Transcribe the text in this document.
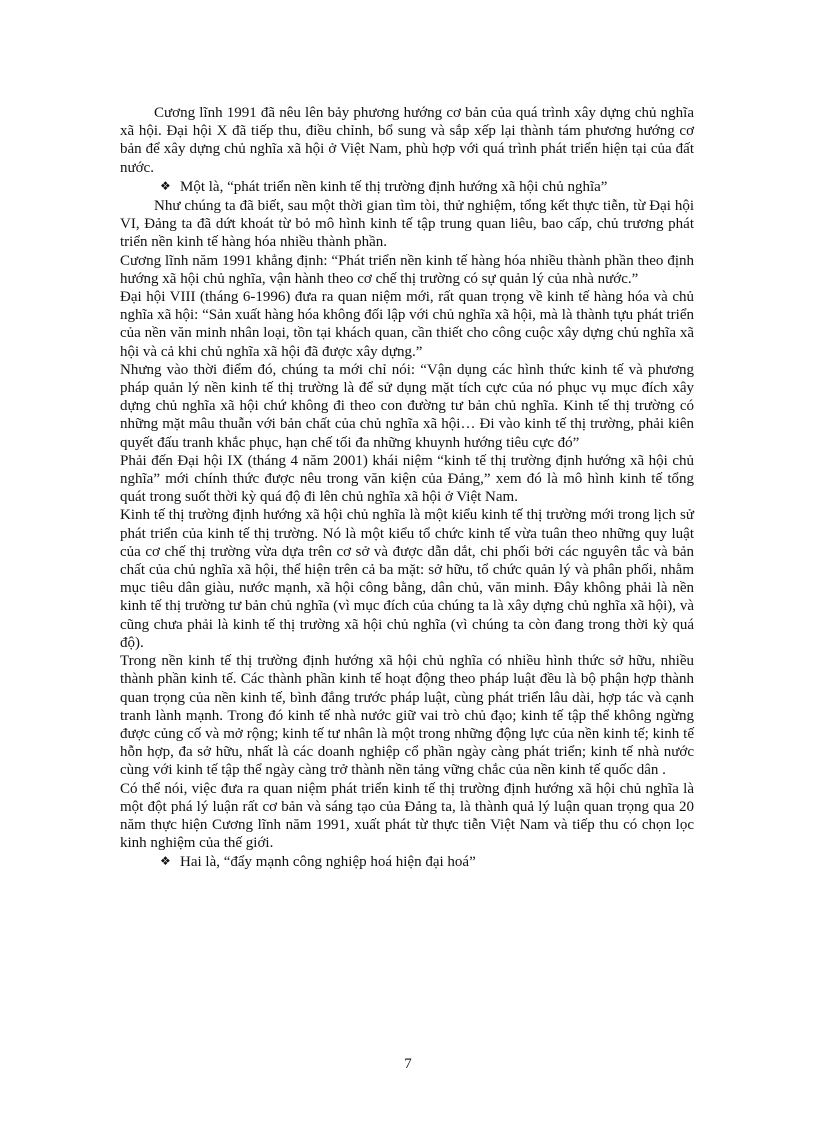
Cương lĩnh 1991 đã nêu lên bảy phương hướng cơ bản của quá trình xây dựng chủ nghĩa xã hội. Đại hội X đã tiếp thu, điều chỉnh, bổ sung và sắp xếp lại thành tám phương hướng cơ bản để xây dựng chủ nghĩa xã hội ở Việt Nam, phù hợp với quá trình phát triển hiện tại của đất nước.

❖ Một là, “phát triển nền kinh tế thị trường định hướng xã hội chủ nghĩa”

Như chúng ta đã biết, sau một thời gian tìm tòi, thử nghiệm, tổng kết thực tiễn, từ Đại hội VI, Đảng ta đã dứt khoát từ bỏ mô hình kinh tế tập trung quan liêu, bao cấp, chủ trương phát triển nền kinh tế hàng hóa nhiều thành phần.

Cương lĩnh năm 1991 khẳng định: “Phát triển nền kinh tế hàng hóa nhiều thành phần theo định hướng xã hội chủ nghĩa, vận hành theo cơ chế thị trường có sự quản lý của nhà nước.”

Đại hội VIII (tháng 6-1996) đưa ra quan niệm mới, rất quan trọng về kinh tế hàng hóa và chủ nghĩa xã hội: “Sản xuất hàng hóa không đối lập với chủ nghĩa xã hội, mà là thành tựu phát triển của nền văn minh nhân loại, tồn tại khách quan, cần thiết cho công cuộc xây dựng chủ nghĩa xã hội và cả khi chủ nghĩa xã hội đã được xây dựng.”

Nhưng vào thời điểm đó, chúng ta mới chỉ nói: “Vận dụng các hình thức kinh tế và phương pháp quản lý nền kinh tế thị trường là để sử dụng mặt tích cực của nó phục vụ mục đích xây dựng chủ nghĩa xã hội chứ không đi theo con đường tư bản chủ nghĩa. Kinh tế thị trường có những mặt mâu thuẫn với bản chất của chủ nghĩa xã hội… Đi vào kinh tế thị trường, phải kiên quyết đấu tranh khắc phục, hạn chế tối đa những khuynh hướng tiêu cực đó”

Phải đến Đại hội IX (tháng 4 năm 2001) khái niệm “kinh tế thị trường định hướng xã hội chủ nghĩa” mới chính thức được nêu trong văn kiện của Đảng,” xem đó là mô hình kinh tế tổng quát trong suốt thời kỳ quá độ đi lên chủ nghĩa xã hội ở Việt Nam.

Kinh tế thị trường định hướng xã hội chủ nghĩa là một kiểu kinh tế thị trường mới trong lịch sử phát triển của kinh tế thị trường. Nó là một kiểu tổ chức kinh tế vừa tuân theo những quy luật của cơ chế thị trường vừa dựa trên cơ sở và được dẫn dắt, chi phối bởi các nguyên tắc và bản chất của chủ nghĩa xã hội, thể hiện trên cả ba mặt: sở hữu, tổ chức quản lý và phân phối, nhằm mục tiêu dân giàu, nước mạnh, xã hội công bằng, dân chủ, văn minh. Đây không phải là nền kinh tế thị trường tư bản chủ nghĩa (vì mục đích của chúng ta là xây dựng chủ nghĩa xã hội), và cũng chưa phải là kinh tế thị trường xã hội chủ nghĩa (vì chúng ta còn đang trong thời kỳ quá độ).

Trong nền kinh tế thị trường định hướng xã hội chủ nghĩa có nhiều hình thức sở hữu, nhiều thành phần kinh tế. Các thành phần kinh tế hoạt động theo pháp luật đều là bộ phận hợp thành quan trọng của nền kinh tế, bình đẳng trước pháp luật, cùng phát triển lâu dài, hợp tác và cạnh tranh lành mạnh. Trong đó kinh tế nhà nước giữ vai trò chủ đạo; kinh tế tập thể không ngừng được củng cố và mở rộng; kinh tế tư nhân là một trong những động lực của nền kinh tế; kinh tế hỗn hợp, đa sở hữu, nhất là các doanh nghiệp cổ phần ngày càng phát triển; kinh tế nhà nước cùng với kinh tế tập thể ngày càng trở thành nền tảng vững chắc của nền kinh tế quốc dân .

Có thể nói, việc đưa ra quan niệm phát triển kinh tế thị trường định hướng xã hội chủ nghĩa là một đột phá lý luận rất cơ bản và sáng tạo của Đảng ta, là thành quả lý luận quan trọng qua 20 năm thực hiện Cương lĩnh năm 1991, xuất phát từ thực tiễn Việt Nam và tiếp thu có chọn lọc kinh nghiệm của thế giới.

❖ Hai là, “đẩy mạnh công nghiệp hoá hiện đại hoá”

7
